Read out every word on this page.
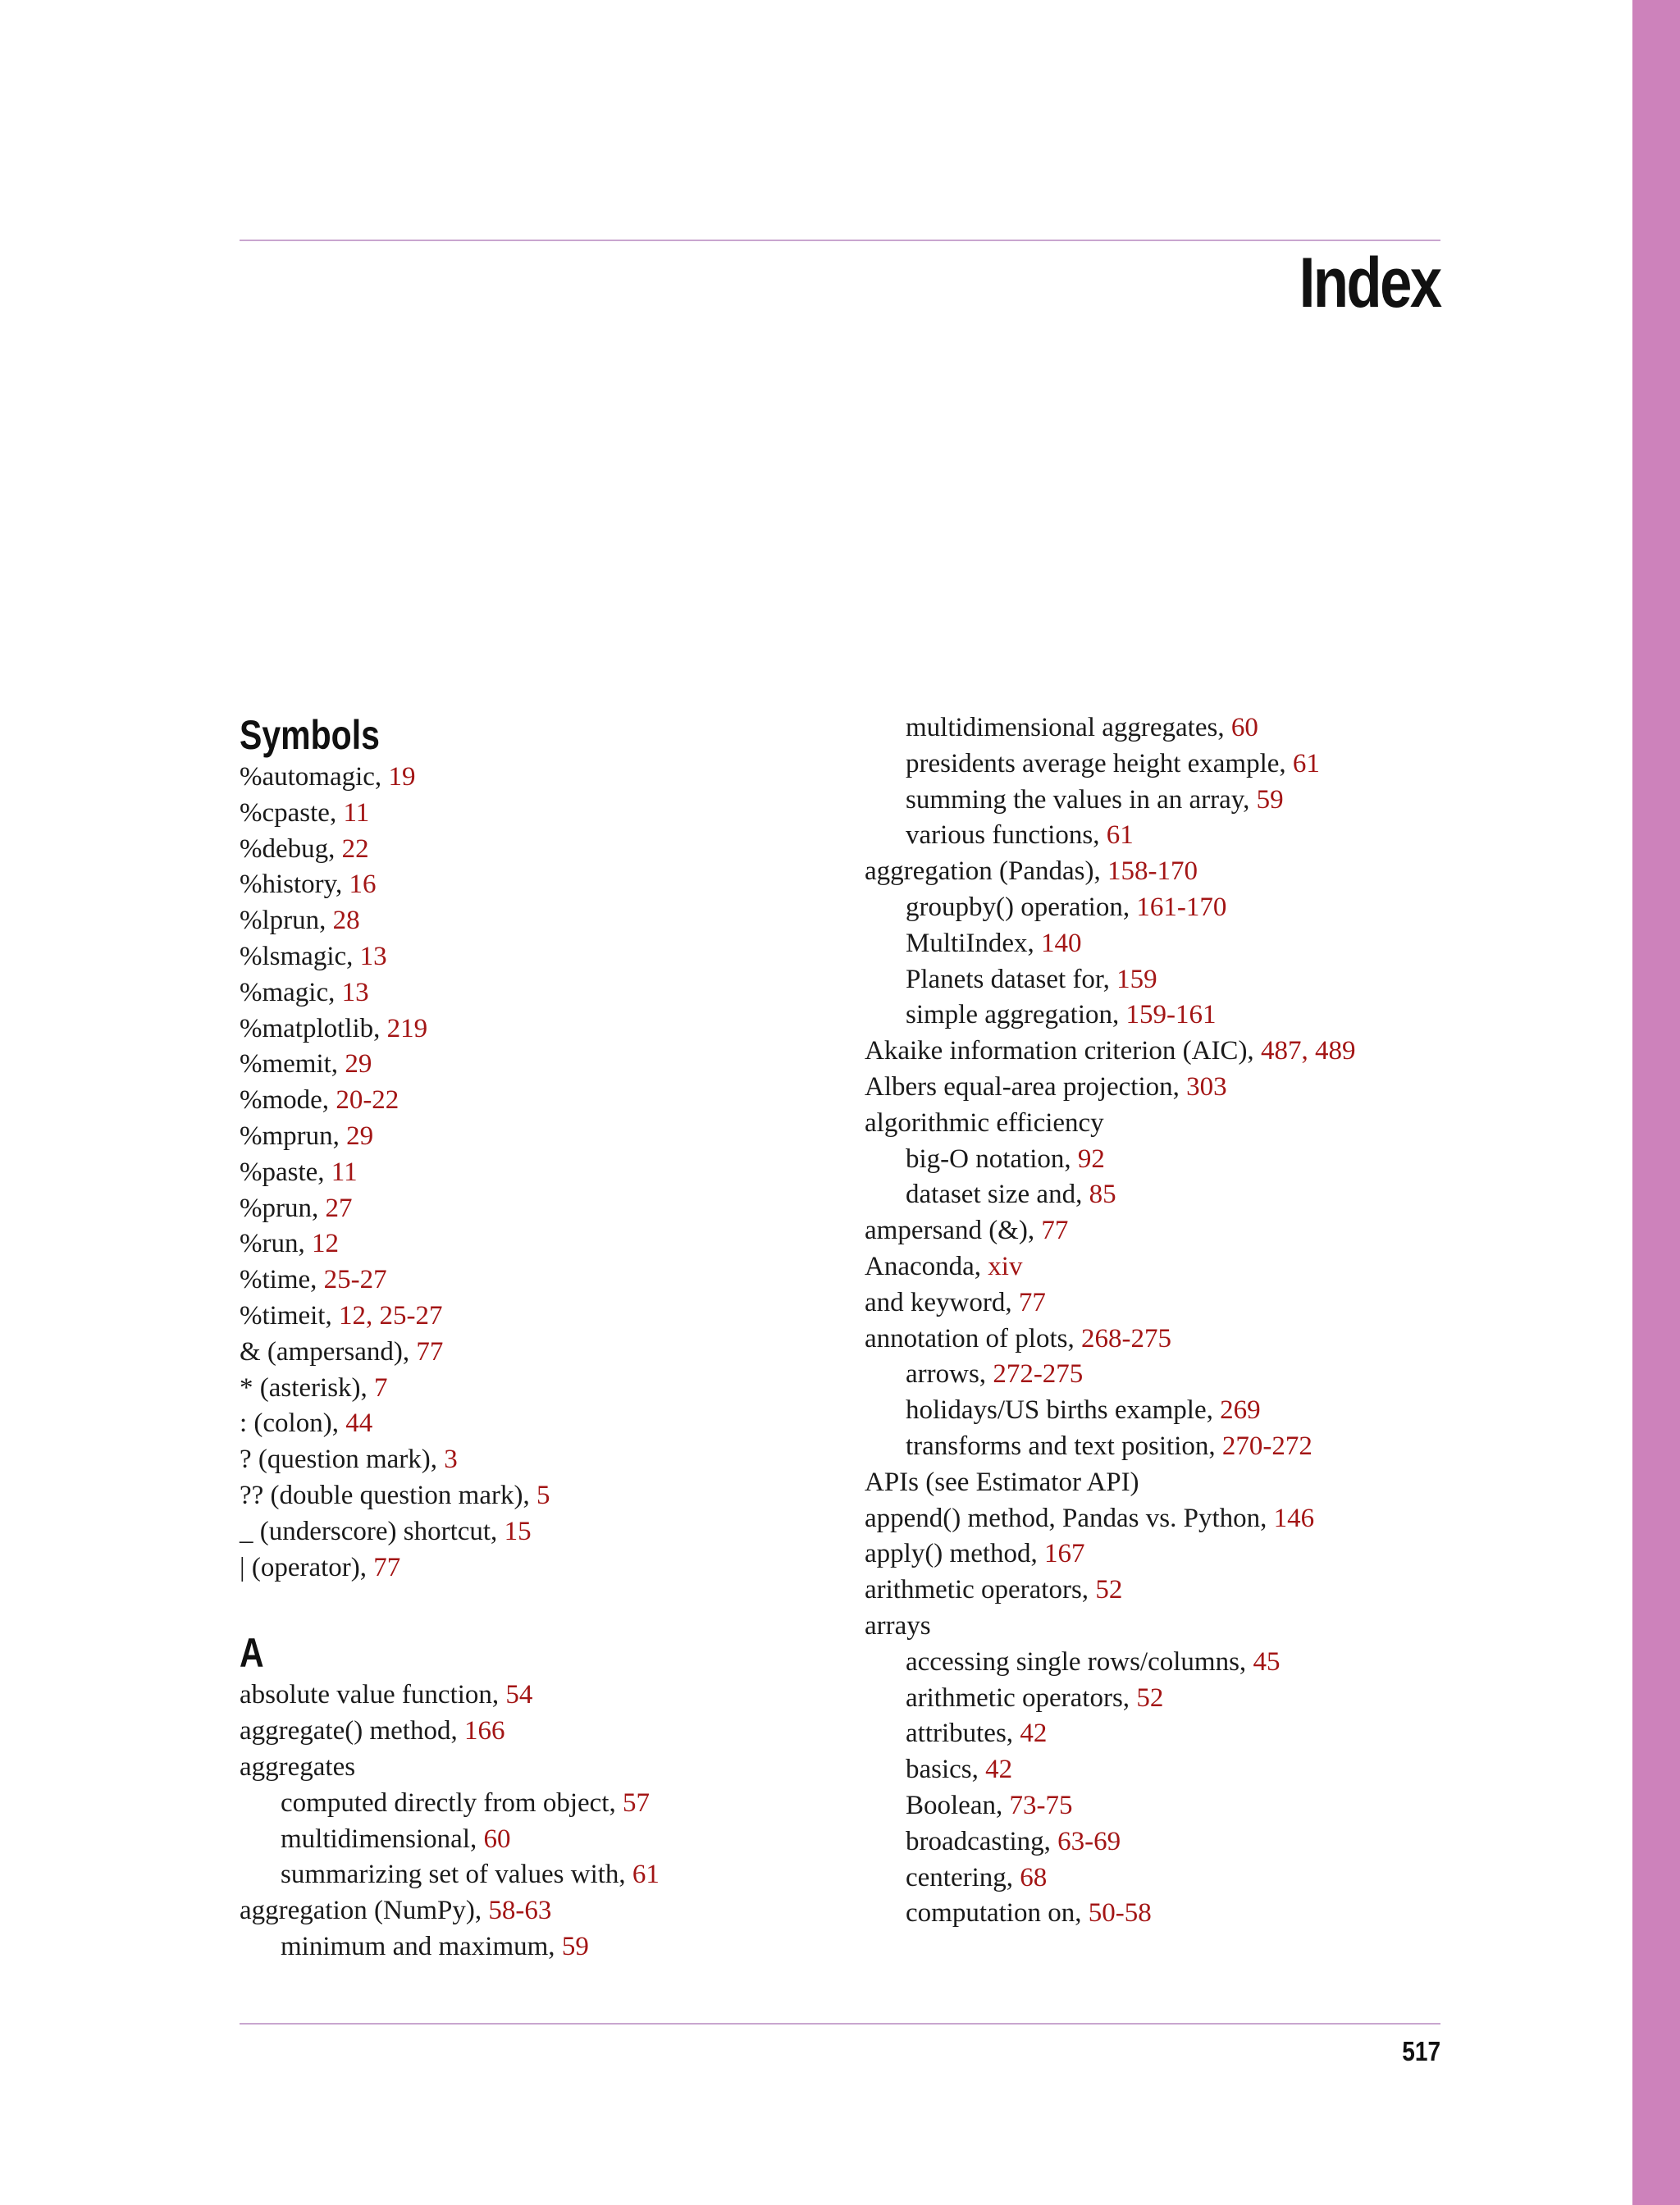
Index
Symbols
%automagic, 19
%cpaste, 11
%debug, 22
%history, 16
%lprun, 28
%lsmagic, 13
%magic, 13
%matplotlib, 219
%memit, 29
%mode, 20-22
%mprun, 29
%paste, 11
%prun, 27
%run, 12
%time, 25-27
%timeit, 12, 25-27
& (ampersand), 77
* (asterisk), 7
: (colon), 44
? (question mark), 3
?? (double question mark), 5
_ (underscore) shortcut, 15
| (operator), 77
A
absolute value function, 54
aggregate() method, 166
aggregates
computed directly from object, 57
multidimensional, 60
summarizing set of values with, 61
aggregation (NumPy), 58-63
minimum and maximum, 59
multidimensional aggregates, 60
presidents average height example, 61
summing the values in an array, 59
various functions, 61
aggregation (Pandas), 158-170
groupby() operation, 161-170
MultiIndex, 140
Planets dataset for, 159
simple aggregation, 159-161
Akaike information criterion (AIC), 487, 489
Albers equal-area projection, 303
algorithmic efficiency
big-O notation, 92
dataset size and, 85
ampersand (&), 77
Anaconda, xiv
and keyword, 77
annotation of plots, 268-275
arrows, 272-275
holidays/US births example, 269
transforms and text position, 270-272
APIs (see Estimator API)
append() method, Pandas vs. Python, 146
apply() method, 167
arithmetic operators, 52
arrays
accessing single rows/columns, 45
arithmetic operators, 52
attributes, 42
basics, 42
Boolean, 73-75
broadcasting, 63-69
centering, 68
computation on, 50-58
517
